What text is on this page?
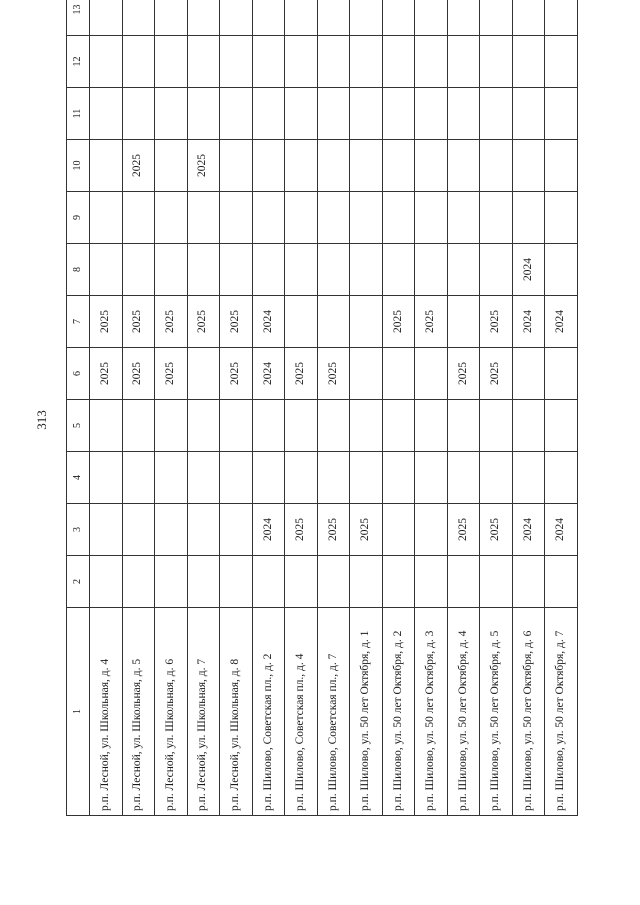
313
1	2	3	4	5	6	7	8	9	10	11	12	13
р.п. Лесной, ул. Школьная, д. 4					2025	2025						
р.п. Лесной, ул. Школьная, д. 5					2025	2025			2025			
р.п. Лесной, ул. Школьная, д. 6					2025	2025						
р.п. Лесной, ул. Школьная, д. 7						2025			2025			
р.п. Лесной, ул. Школьная, д. 8					2025	2025						
р.п. Шилово, Советская пл., д. 2		2024			2024	2024						
р.п. Шилово, Советская пл., д. 4		2025			2025							
р.п. Шилово, Советская пл., д. 7		2025			2025							
р.п. Шилово, ул. 50 лет Октября, д. 1		2025										
р.п. Шилово, ул. 50 лет Октября, д. 2						2025						
р.п. Шилово, ул. 50 лет Октября, д. 3						2025						
р.п. Шилово, ул. 50 лет Октября, д. 4		2025			2025							
р.п. Шилово, ул. 50 лет Октября, д. 5		2025			2025	2025						
р.п. Шилово, ул. 50 лет Октября, д. 6		2024				2024	2024					
р.п. Шилово, ул. 50 лет Октября, д. 7		2024				2024						
